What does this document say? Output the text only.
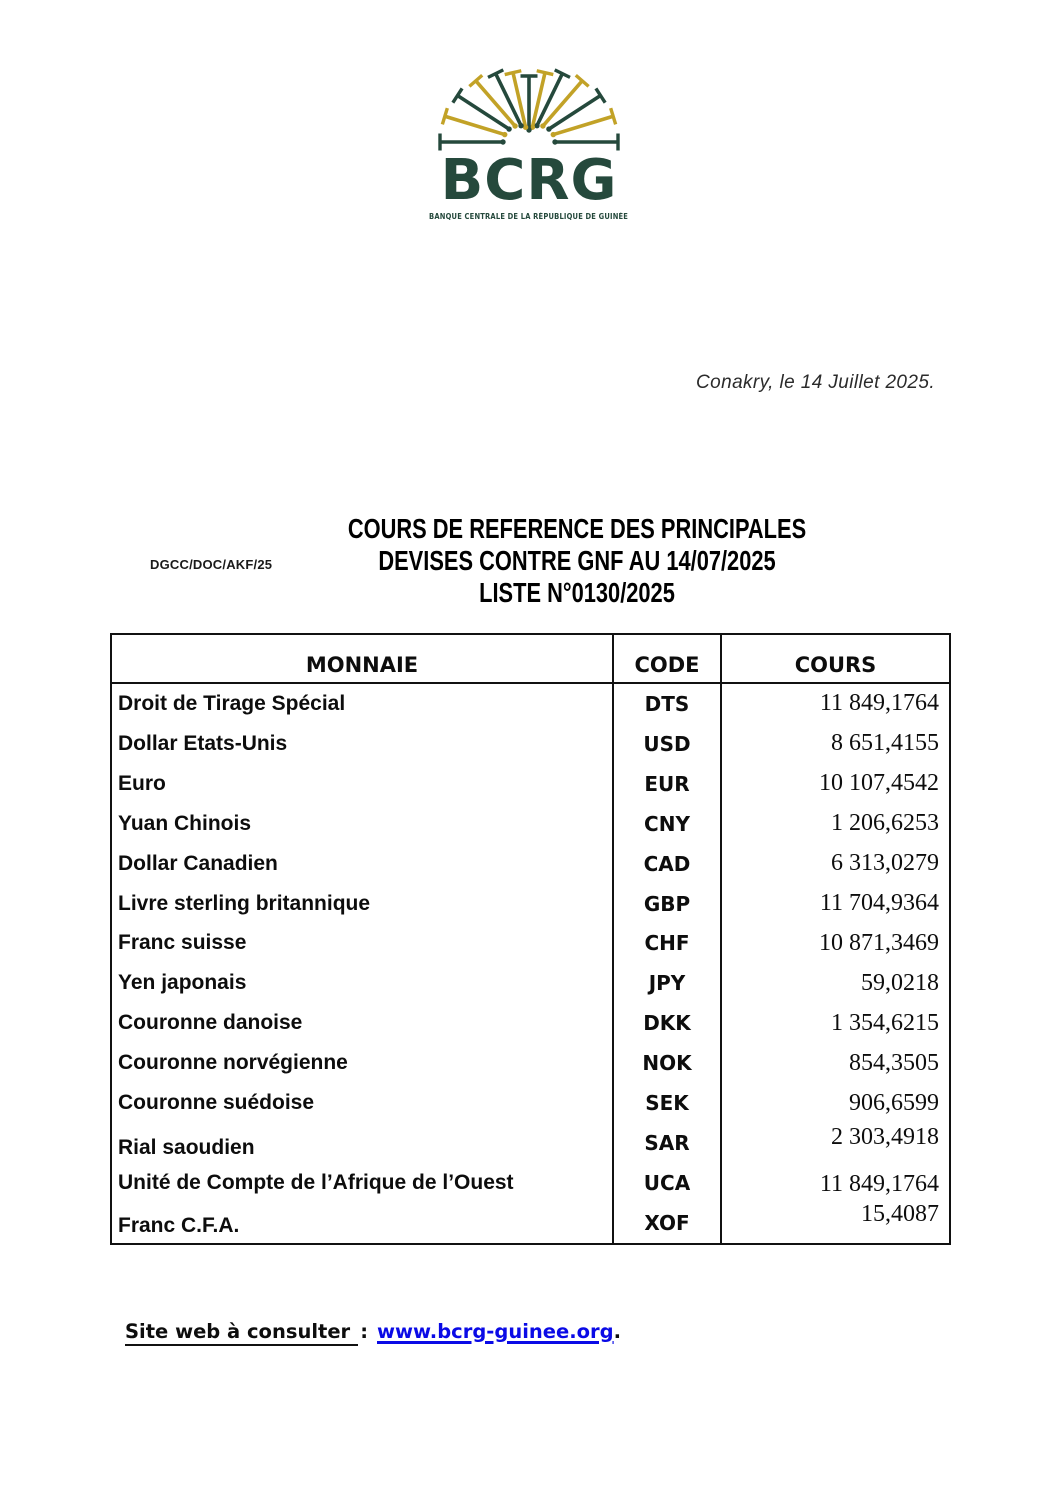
BCRG
BANQUE CENTRALE DE LA RÉPUBLIQUE DE GUINÉE
Conakry, le 14 Juillet 2025.
DGCC/DOC/AKF/25
COURS DE REFERENCE DES PRINCIPALES
DEVISES CONTRE GNF AU 14/07/2025
LISTE N°0130/2025
MONNAIE	CODE	COURS
Droit de Tirage Spécial	DTS	11 849,1764
Dollar Etats-Unis	USD	8 651,4155
Euro	EUR	10 107,4542
Yuan Chinois	CNY	1 206,6253
Dollar Canadien	CAD	6 313,0279
Livre sterling britannique	GBP	11 704,9364
Franc suisse	CHF	10 871,3469
Yen japonais	JPY	59,0218
Couronne danoise	DKK	1 354,6215
Couronne norvégienne	NOK	854,3505
Couronne suédoise	SEK	906,6599
Rial saoudien	SAR	2 303,4918
Unité de Compte de l’Afrique de l’Ouest	UCA	11 849,1764
Franc C.F.A.	XOF	15,4087
Site web à consulter : www.bcrg-guinee.org.
